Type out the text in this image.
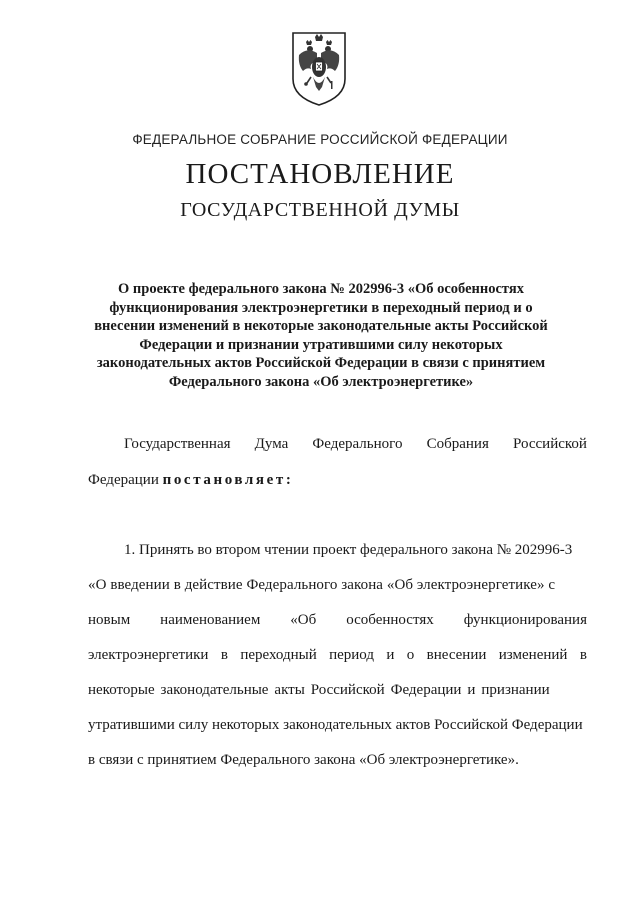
ФЕДЕРАЛЬНОЕ СОБРАНИЕ РОССИЙСКОЙ ФЕДЕРАЦИИ
ПОСТАНОВЛЕНИЕ
ГОСУДАРСТВЕННОЙ ДУМЫ
О проекте федерального закона № 202996-3 «Об особенностях
функционирования электроэнергетики в переходный период и о
внесении изменений в некоторые законодательные акты Российской
Федерации и признании утратившими силу некоторых
законодательных актов Российской Федерации в связи с принятием
Федерального закона «Об электроэнергетике»
Государственная Дума Федерального Собрания Российской
Федерации постановляет:
1. Принять во втором чтении проект федерального закона № 202996-3
«О введении в действие Федерального закона «Об электроэнергетике» с
новым наименованием «Об особенностях функционирования
электроэнергетики в переходный период и о внесении изменений в
некоторые законодательные акты Российской Федерации и признании
утратившими силу некоторых законодательных актов Российской Федерации
в связи с принятием Федерального закона «Об электроэнергетике».
